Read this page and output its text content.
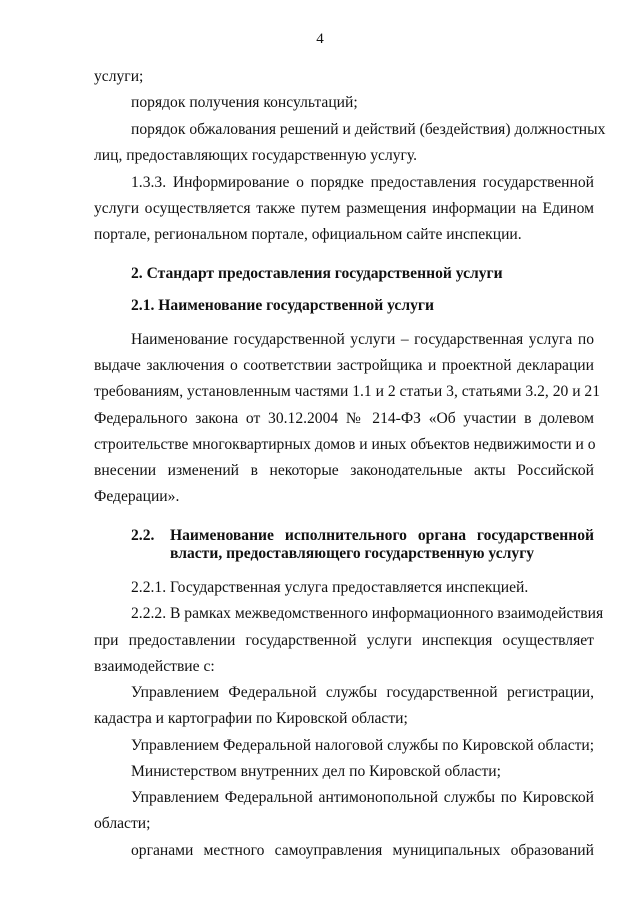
4
услуги;
порядок получения консультаций;
порядок обжалования решений и действий (бездействия) должностных
лиц, предоставляющих государственную услугу.
1.3.3. Информирование о порядке предоставления государственной
услуги осуществляется также путем размещения информации на Едином
портале, региональном портале, официальном сайте инспекции.
2. Стандарт предоставления государственной услуги
2.1. Наименование государственной услуги
Наименование государственной услуги – государственная услуга по
выдаче заключения о соответствии застройщика и проектной декларации
требованиям, установленным частями 1.1 и 2 статьи 3, статьями 3.2, 20 и 21
Федерального закона от 30.12.2004 № 214-ФЗ «Об участии в долевом
строительстве многоквартирных домов и иных объектов недвижимости и о
внесении изменений в некоторые законодательные акты Российской
Федерации».
2.2. Наименование исполнительного органа государственной
власти, предоставляющего государственную услугу
2.2.1. Государственная услуга предоставляется инспекцией.
2.2.2. В рамках межведомственного информационного взаимодействия
при предоставлении государственной услуги инспекция осуществляет
взаимодействие с:
Управлением Федеральной службы государственной регистрации,
кадастра и картографии по Кировской области;
Управлением Федеральной налоговой службы по Кировской области;
Министерством внутренних дел по Кировской области;
Управлением Федеральной антимонопольной службы по Кировской
области;
органами местного самоуправления муниципальных образований
